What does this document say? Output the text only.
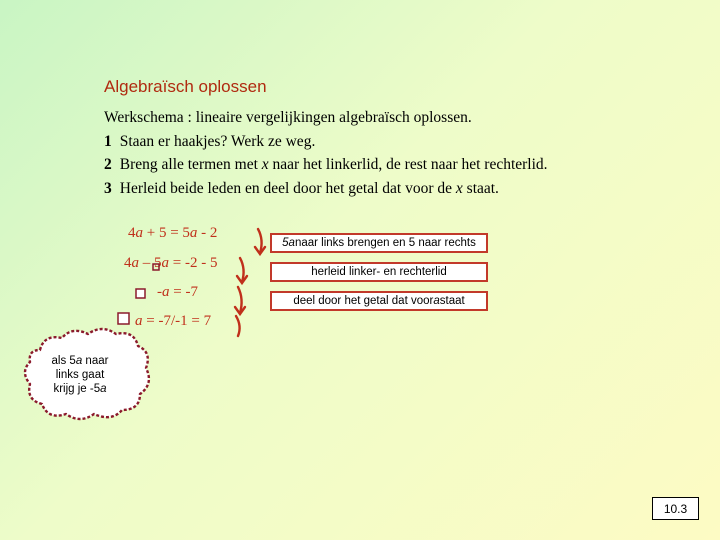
Algebraïsch oplossen
Werkschema : lineaire vergelijkingen algebraïsch oplossen.
1 Staan er haakjes? Werk ze weg.
2 Breng alle termen met x naar het linkerlid, de rest naar het rechterlid.
3 Herleid beide leden en deel door het getal dat voor de x staat.
4a + 5 = 5a - 2
4a – 5a = -2 - 5
-a = -7
a = -7/-1 = 7
5a naar links brengen en 5 naar rechts
herleid linker- en rechterlid
deel door het getal dat voor a staat
als 5a naar
links gaat
krijg je -5a
10.3
